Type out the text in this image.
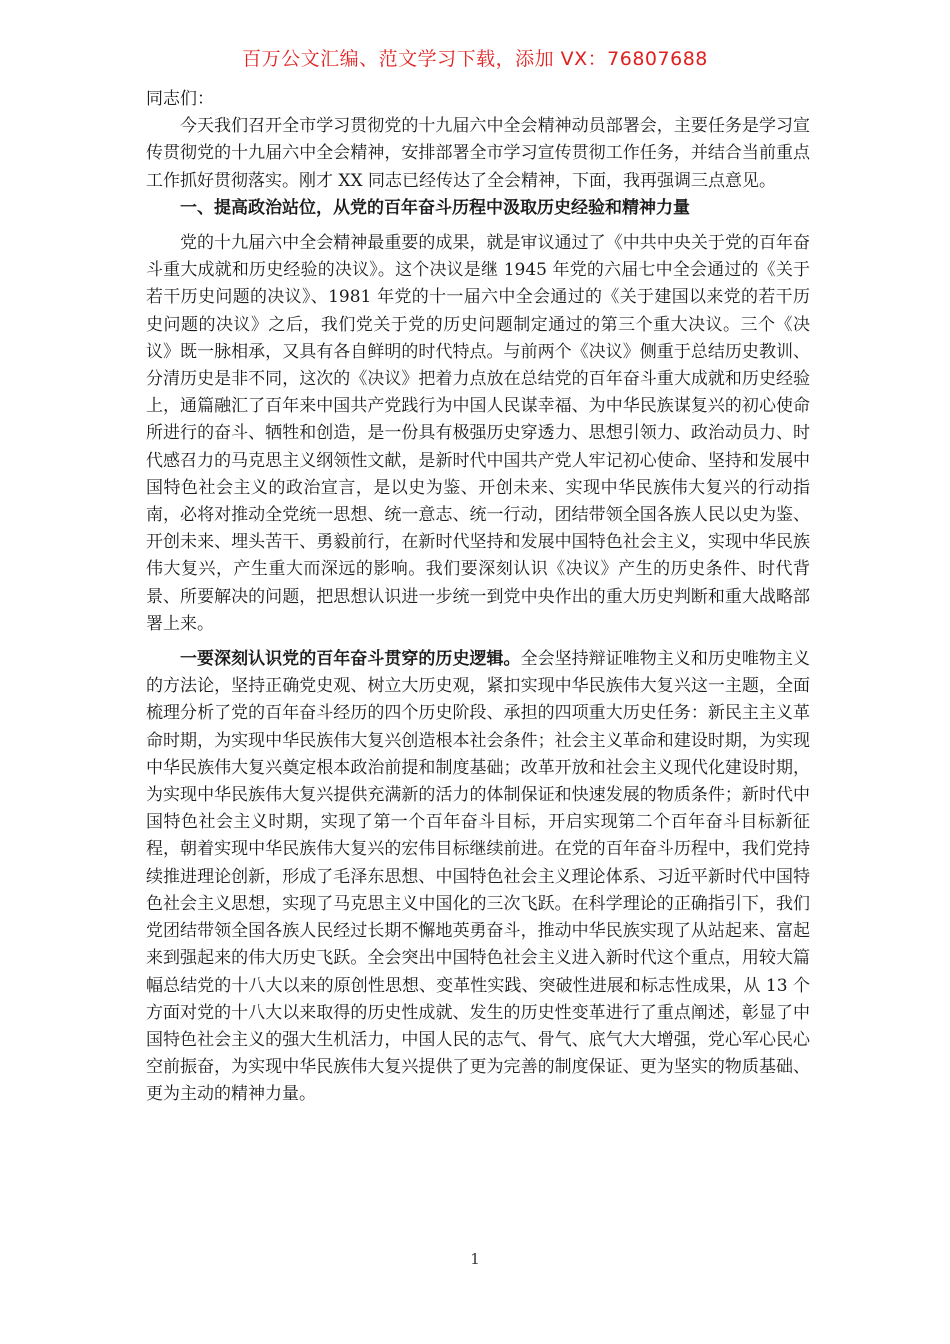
百万公文汇编、范文学习下载，添加 VX：76807688

同志们：

今天我们召开全市学习贯彻党的十九届六中全会精神动员部署会，主要任务是学习宣传贯彻党的十九届六中全会精神，安排部署全市学习宣传贯彻工作任务，并结合当前重点工作抓好贯彻落实。刚才 XX 同志已经传达了全会精神，下面，我再强调三点意见。

一、提高政治站位，从党的百年奋斗历程中汲取历史经验和精神力量

党的十九届六中全会精神最重要的成果，就是审议通过了《中共中央关于党的百年奋斗重大成就和历史经验的决议》。这个决议是继 1945 年党的六届七中全会通过的《关于若干历史问题的决议》、1981 年党的十一届六中全会通过的《关于建国以来党的若干历史问题的决议》之后，我们党关于党的历史问题制定通过的第三个重大决议。三个《决议》既一脉相承，又具有各自鲜明的时代特点。与前两个《决议》侧重于总结历史教训、分清历史是非不同，这次的《决议》把着力点放在总结党的百年奋斗重大成就和历史经验上，通篇融汇了百年来中国共产党践行为中国人民谋幸福、为中华民族谋复兴的初心使命所进行的奋斗、牺牲和创造，是一份具有极强历史穿透力、思想引领力、政治动员力、时代感召力的马克思主义纲领性文献，是新时代中国共产党人牢记初心使命、坚持和发展中国特色社会主义的政治宣言，是以史为鉴、开创未来、实现中华民族伟大复兴的行动指南，必将对推动全党统一思想、统一意志、统一行动，团结带领全国各族人民以史为鉴、开创未来、埋头苦干、勇毅前行，在新时代坚持和发展中国特色社会主义，实现中华民族伟大复兴，产生重大而深远的影响。我们要深刻认识《决议》产生的历史条件、时代背景、所要解决的问题，把思想认识进一步统一到党中央作出的重大历史判断和重大战略部署上来。

一要深刻认识党的百年奋斗贯穿的历史逻辑。全会坚持辩证唯物主义和历史唯物主义的方法论，坚持正确党史观、树立大历史观，紧扣实现中华民族伟大复兴这一主题，全面梳理分析了党的百年奋斗经历的四个历史阶段、承担的四项重大历史任务：新民主主义革命时期，为实现中华民族伟大复兴创造根本社会条件；社会主义革命和建设时期，为实现中华民族伟大复兴奠定根本政治前提和制度基础；改革开放和社会主义现代化建设时期，为实现中华民族伟大复兴提供充满新的活力的体制保证和快速发展的物质条件；新时代中国特色社会主义时期，实现了第一个百年奋斗目标，开启实现第二个百年奋斗目标新征程，朝着实现中华民族伟大复兴的宏伟目标继续前进。在党的百年奋斗历程中，我们党持续推进理论创新，形成了毛泽东思想、中国特色社会主义理论体系、习近平新时代中国特色社会主义思想，实现了马克思主义中国化的三次飞跃。在科学理论的正确指引下，我们党团结带领全国各族人民经过长期不懈地英勇奋斗，推动中华民族实现了从站起来、富起来到强起来的伟大历史飞跃。全会突出中国特色社会主义进入新时代这个重点，用较大篇幅总结党的十八大以来的原创性思想、变革性实践、突破性进展和标志性成果，从 13 个方面对党的十八大以来取得的历史性成就、发生的历史性变革进行了重点阐述，彰显了中国特色社会主义的强大生机活力，中国人民的志气、骨气、底气大大增强，党心军心民心空前振奋，为实现中华民族伟大复兴提供了更为完善的制度保证、更为坚实的物质基础、更为主动的精神力量。

1
